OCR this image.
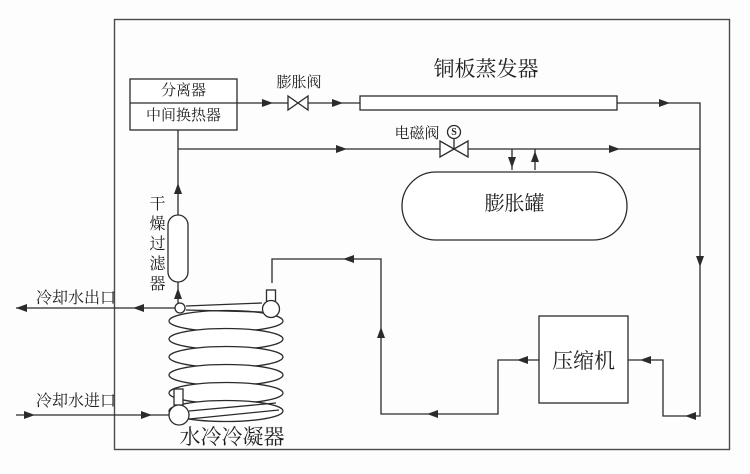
分离器
中间换热器
膨胀阀
铜板蒸发器
电磁阀	S
膨胀罐
干燥过滤器
压缩机
水冷冷凝器
冷却水出口
冷却水进口
